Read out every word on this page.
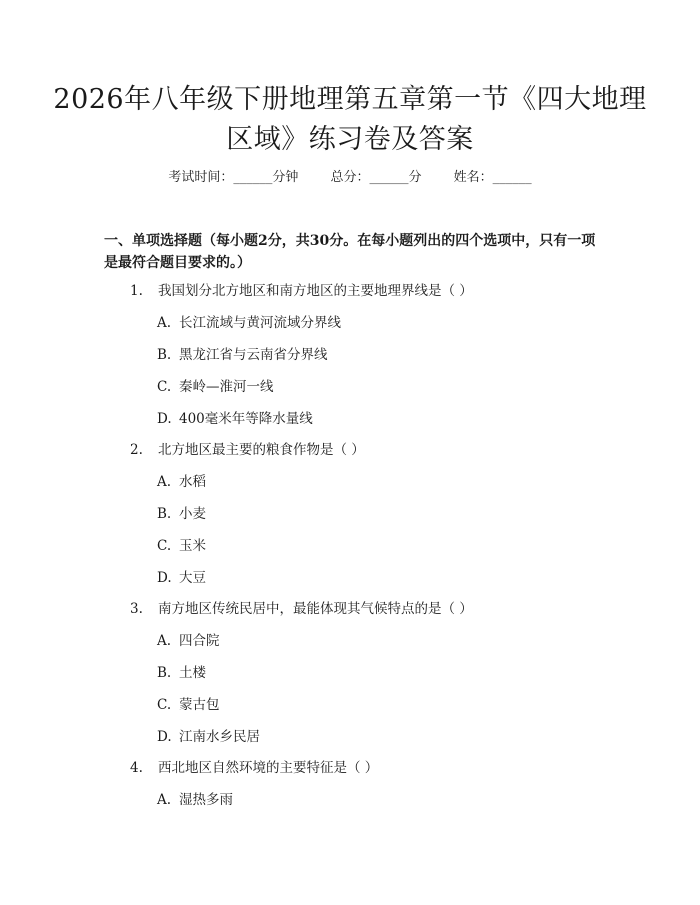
2026年八年级下册地理第五章第一节《四大地理区域》练习卷及答案
考试时间：______分钟 总分：______分 姓名：______
一、单项选择题（每小题2分，共30分。在每小题列出的四个选项中，只有一项是最符合题目要求的。）
1. 我国划分北方地区和南方地区的主要地理界线是（ ）
A. 长江流域与黄河流域分界线
B. 黑龙江省与云南省分界线
C. 秦岭—淮河一线
D. 400毫米年等降水量线
2. 北方地区最主要的粮食作物是（ ）
A. 水稻
B. 小麦
C. 玉米
D. 大豆
3. 南方地区传统民居中，最能体现其气候特点的是（ ）
A. 四合院
B. 土楼
C. 蒙古包
D. 江南水乡民居
4. 西北地区自然环境的主要特征是（ ）
A. 湿热多雨
